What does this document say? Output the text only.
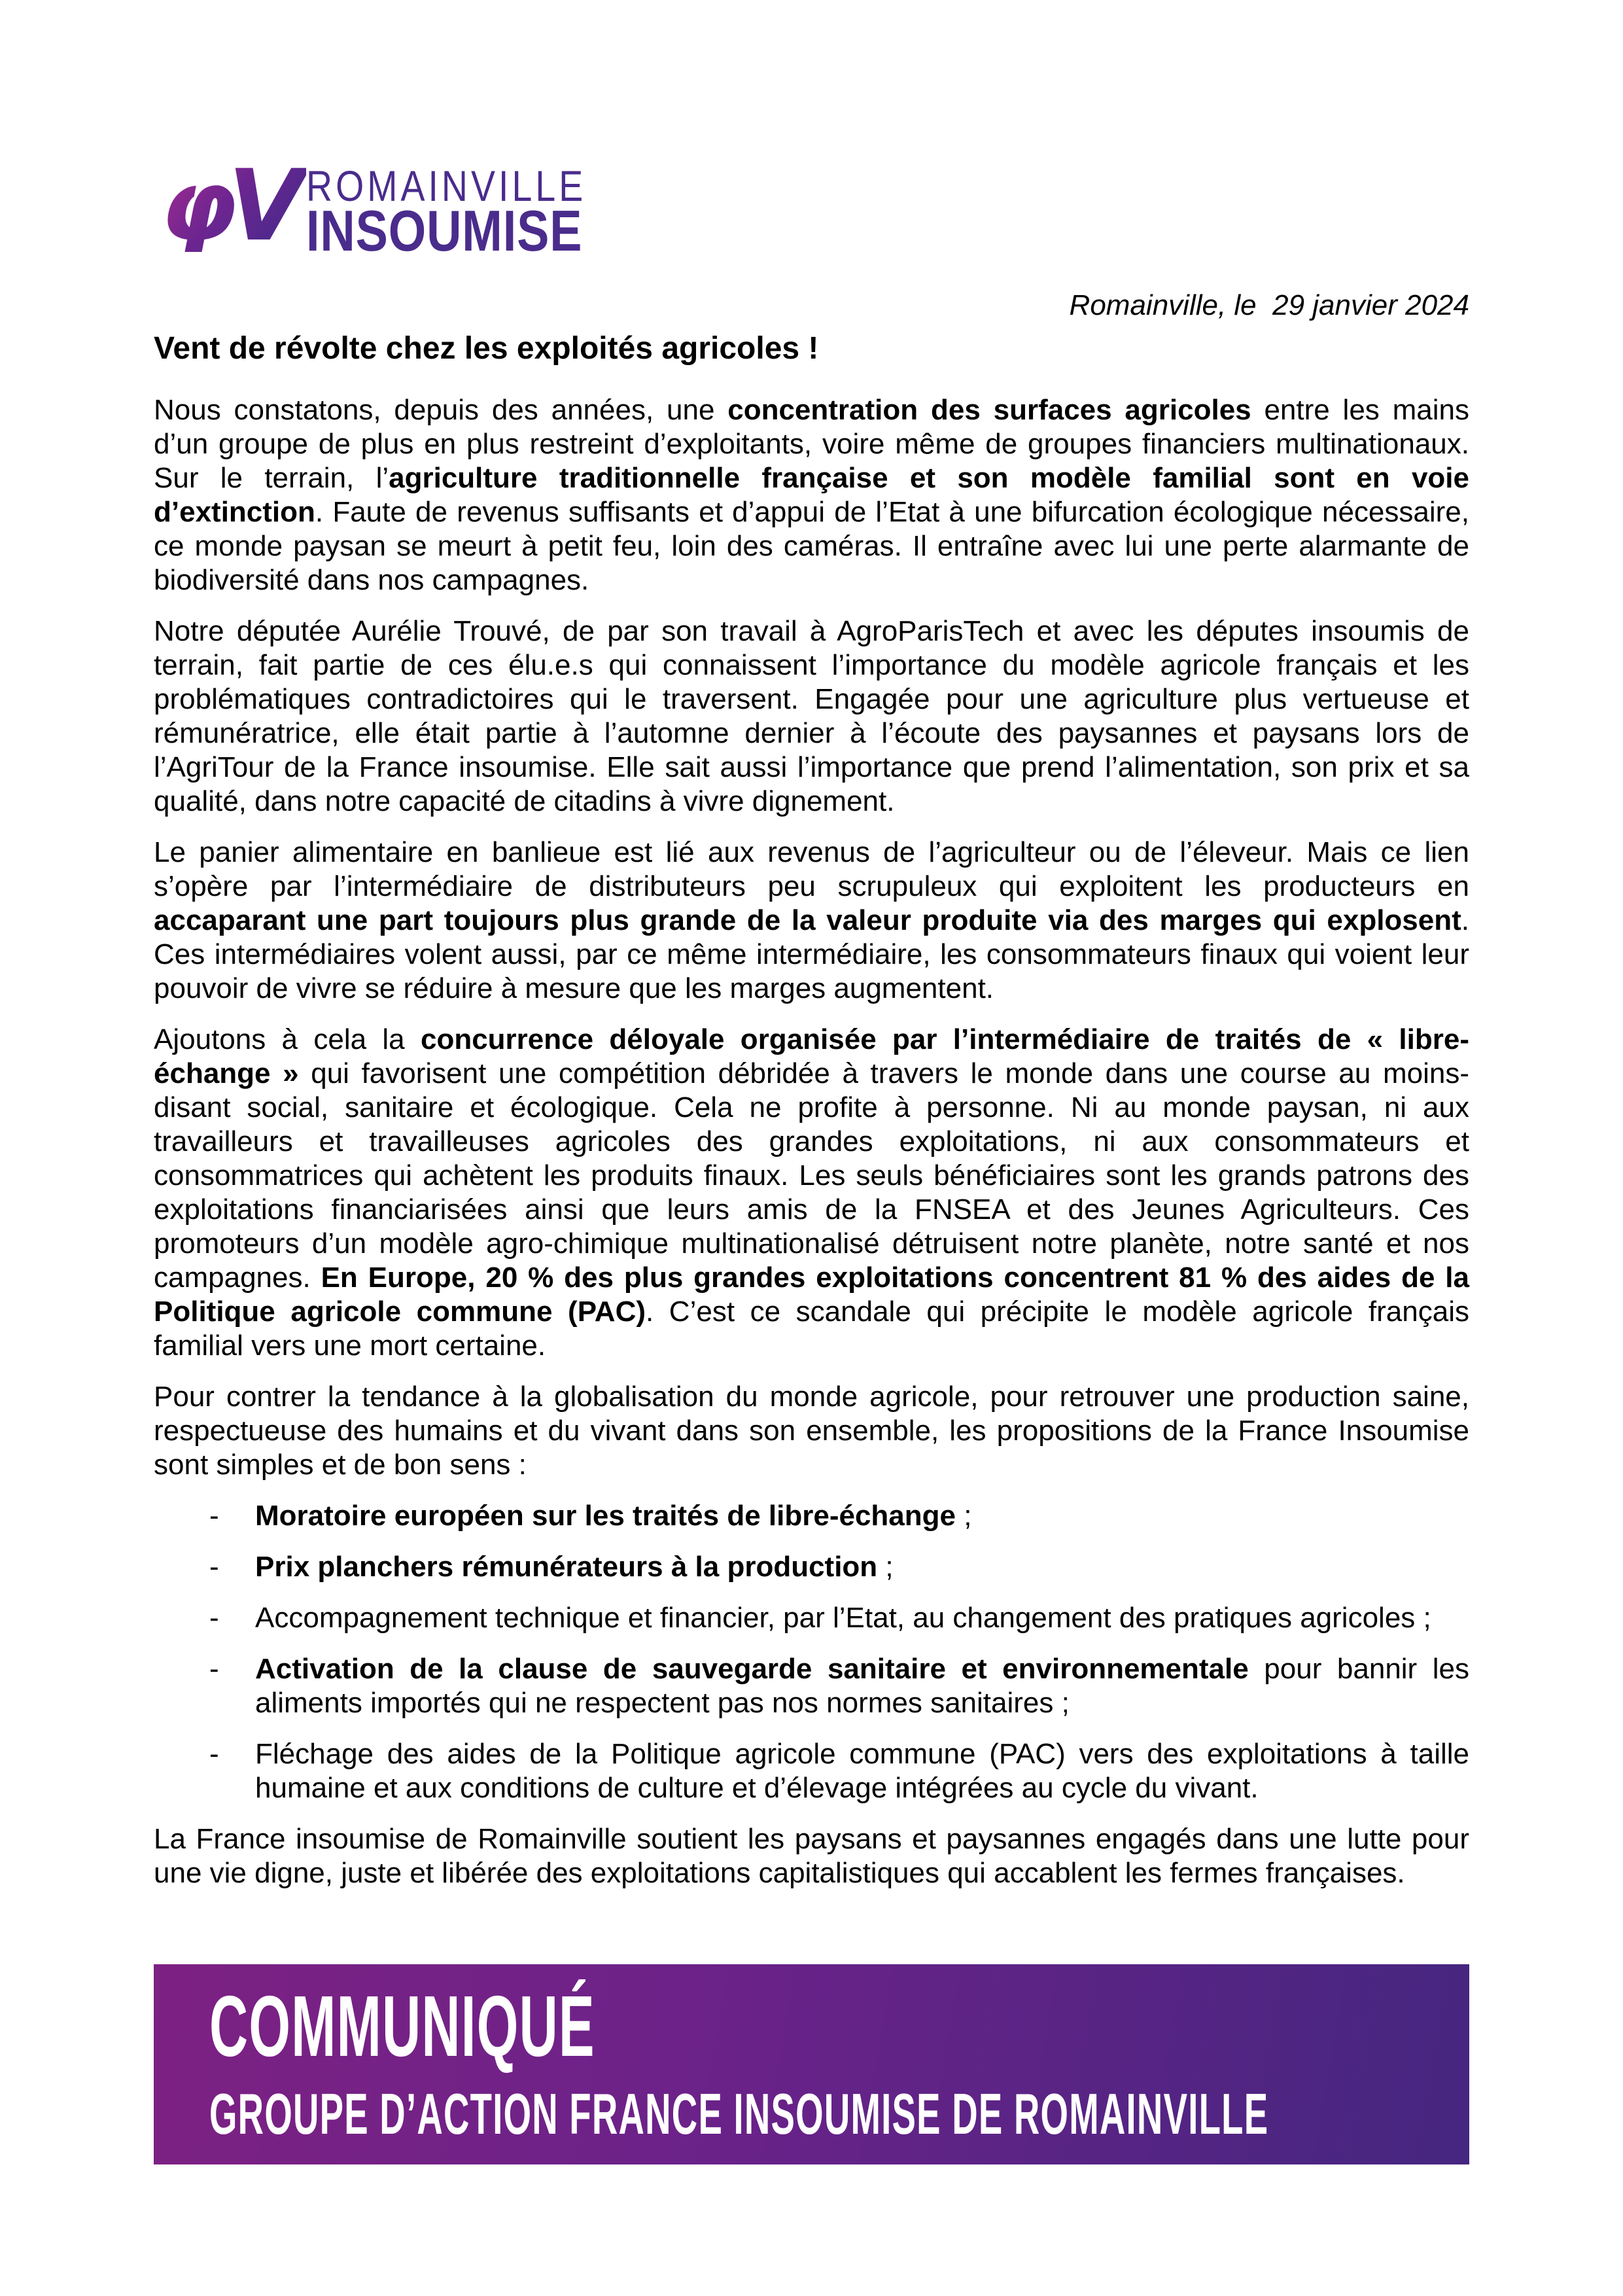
φV ROMAINVILLE
INSOUMISE
Romainville, le  29 janvier 2024
Vent de révolte chez les exploités agricoles !

Nous constatons, depuis des années, une concentration des surfaces agricoles entre les mains d’un groupe de plus en plus restreint d’exploitants, voire même de groupes financiers multinationaux. Sur le terrain, l’agriculture traditionnelle française et son modèle familial sont en voie d’extinction. Faute de revenus suffisants et d’appui de l’Etat à une bifurcation écologique nécessaire, ce monde paysan se meurt à petit feu, loin des caméras. Il entraîne avec lui une perte alarmante de biodiversité dans nos campagnes.

Notre députée Aurélie Trouvé, de par son travail à AgroParisTech et avec les députes insoumis de terrain, fait partie de ces élu.e.s qui connaissent l’importance du modèle agricole français et les problématiques contradictoires qui le traversent. Engagée pour une agriculture plus vertueuse et rémunératrice, elle était partie à l’automne dernier à l’écoute des paysannes et paysans lors de l’AgriTour de la France insoumise. Elle sait aussi l’importance que prend l’alimentation, son prix et sa qualité, dans notre capacité de citadins à vivre dignement.

Le panier alimentaire en banlieue est lié aux revenus de l’agriculteur ou de l’éleveur. Mais ce lien s’opère par l’intermédiaire de distributeurs peu scrupuleux qui exploitent les producteurs en accaparant une part toujours plus grande de la valeur produite via des marges qui explosent. Ces intermédiaires volent aussi, par ce même intermédiaire, les consommateurs finaux qui voient leur pouvoir de vivre se réduire à mesure que les marges augmentent.

Ajoutons à cela la concurrence déloyale organisée par l’intermédiaire de traités de « libre-échange » qui favorisent une compétition débridée à travers le monde dans une course au moins-disant social, sanitaire et écologique. Cela ne profite à personne. Ni au monde paysan, ni aux travailleurs et travailleuses agricoles des grandes exploitations, ni aux consommateurs et consommatrices qui achètent les produits finaux. Les seuls bénéficiaires sont les grands patrons des exploitations financiarisées ainsi que leurs amis de la FNSEA et des Jeunes Agriculteurs. Ces promoteurs d’un modèle agro-chimique multinationalisé détruisent notre planète, notre santé et nos campagnes. En Europe, 20 % des plus grandes exploitations concentrent 81 % des aides de la Politique agricole commune (PAC). C’est ce scandale qui précipite le modèle agricole français familial vers une mort certaine.

Pour contrer la tendance à la globalisation du monde agricole, pour retrouver une production saine, respectueuse des humains et du vivant dans son ensemble, les propositions de la France Insoumise sont simples et de bon sens :

- Moratoire européen sur les traités de libre-échange ;
- Prix planchers rémunérateurs à la production ;
- Accompagnement technique et financier, par l’Etat, au changement des pratiques agricoles ;
- Activation de la clause de sauvegarde sanitaire et environnementale pour bannir les aliments importés qui ne respectent pas nos normes sanitaires ;
- Fléchage des aides de la Politique agricole commune (PAC) vers des exploitations à taille humaine et aux conditions de culture et d’élevage intégrées au cycle du vivant.

La France insoumise de Romainville soutient les paysans et paysannes engagés dans une lutte pour une vie digne, juste et libérée des exploitations capitalistiques qui accablent les fermes françaises.

COMMUNIQUÉ
GROUPE D’ACTION FRANCE INSOUMISE DE ROMAINVILLE
